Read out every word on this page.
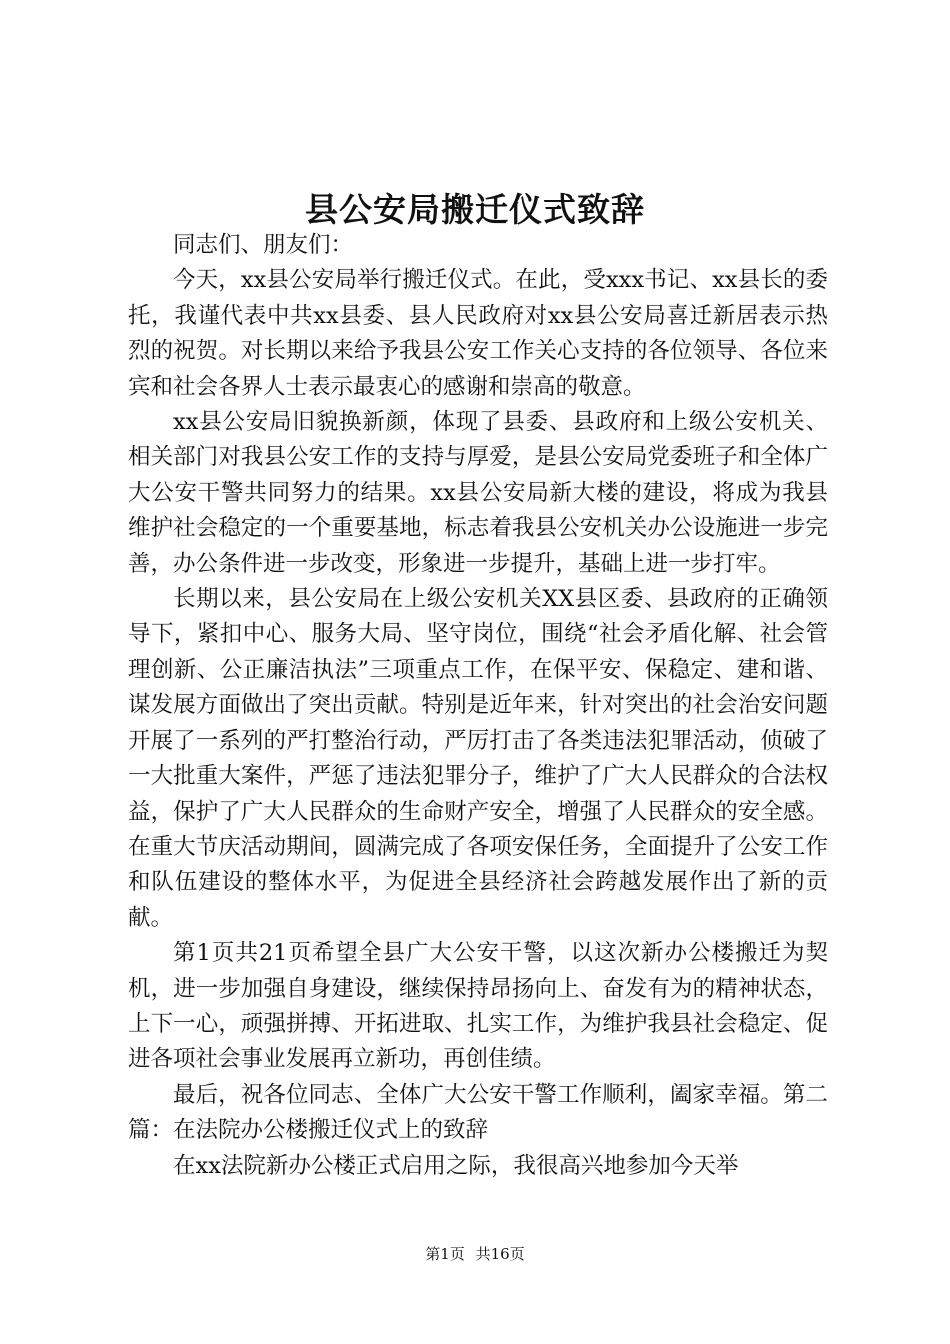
县公安局搬迁仪式致辞

同志们、朋友们：

今天，xx县公安局举行搬迁仪式。在此，受xxx书记、xx县长的委托，我谨代表中共xx县委、县人民政府对xx县公安局喜迁新居表示热烈的祝贺。对长期以来给予我县公安工作关心支持的各位领导、各位来宾和社会各界人士表示最衷心的感谢和崇高的敬意。

xx县公安局旧貌换新颜，体现了县委、县政府和上级公安机关、相关部门对我县公安工作的支持与厚爱，是县公安局党委班子和全体广大公安干警共同努力的结果。xx县公安局新大楼的建设，将成为我县维护社会稳定的一个重要基地，标志着我县公安机关办公设施进一步完善，办公条件进一步改变，形象进一步提升，基础上进一步打牢。

长期以来，县公安局在上级公安机关XX县区委、县政府的正确领导下，紧扣中心、服务大局、坚守岗位，围绕“社会矛盾化解、社会管理创新、公正廉洁执法”三项重点工作，在保平安、保稳定、建和谐、谋发展方面做出了突出贡献。特别是近年来，针对突出的社会治安问题开展了一系列的严打整治行动，严厉打击了各类违法犯罪活动，侦破了一大批重大案件，严惩了违法犯罪分子，维护了广大人民群众的合法权益，保护了广大人民群众的生命财产安全，增强了人民群众的安全感。在重大节庆活动期间，圆满完成了各项安保任务，全面提升了公安工作和队伍建设的整体水平，为促进全县经济社会跨越发展作出了新的贡献。

第1页共21页希望全县广大公安干警，以这次新办公楼搬迁为契机，进一步加强自身建设，继续保持昂扬向上、奋发有为的精神状态，上下一心，顽强拼搏、开拓进取、扎实工作，为维护我县社会稳定、促进各项社会事业发展再立新功，再创佳绩。

最后，祝各位同志、全体广大公安干警工作顺利，阖家幸福。第二篇：在法院办公楼搬迁仪式上的致辞

在xx法院新办公楼正式启用之际，我很高兴地参加今天举

第1页 共16页
